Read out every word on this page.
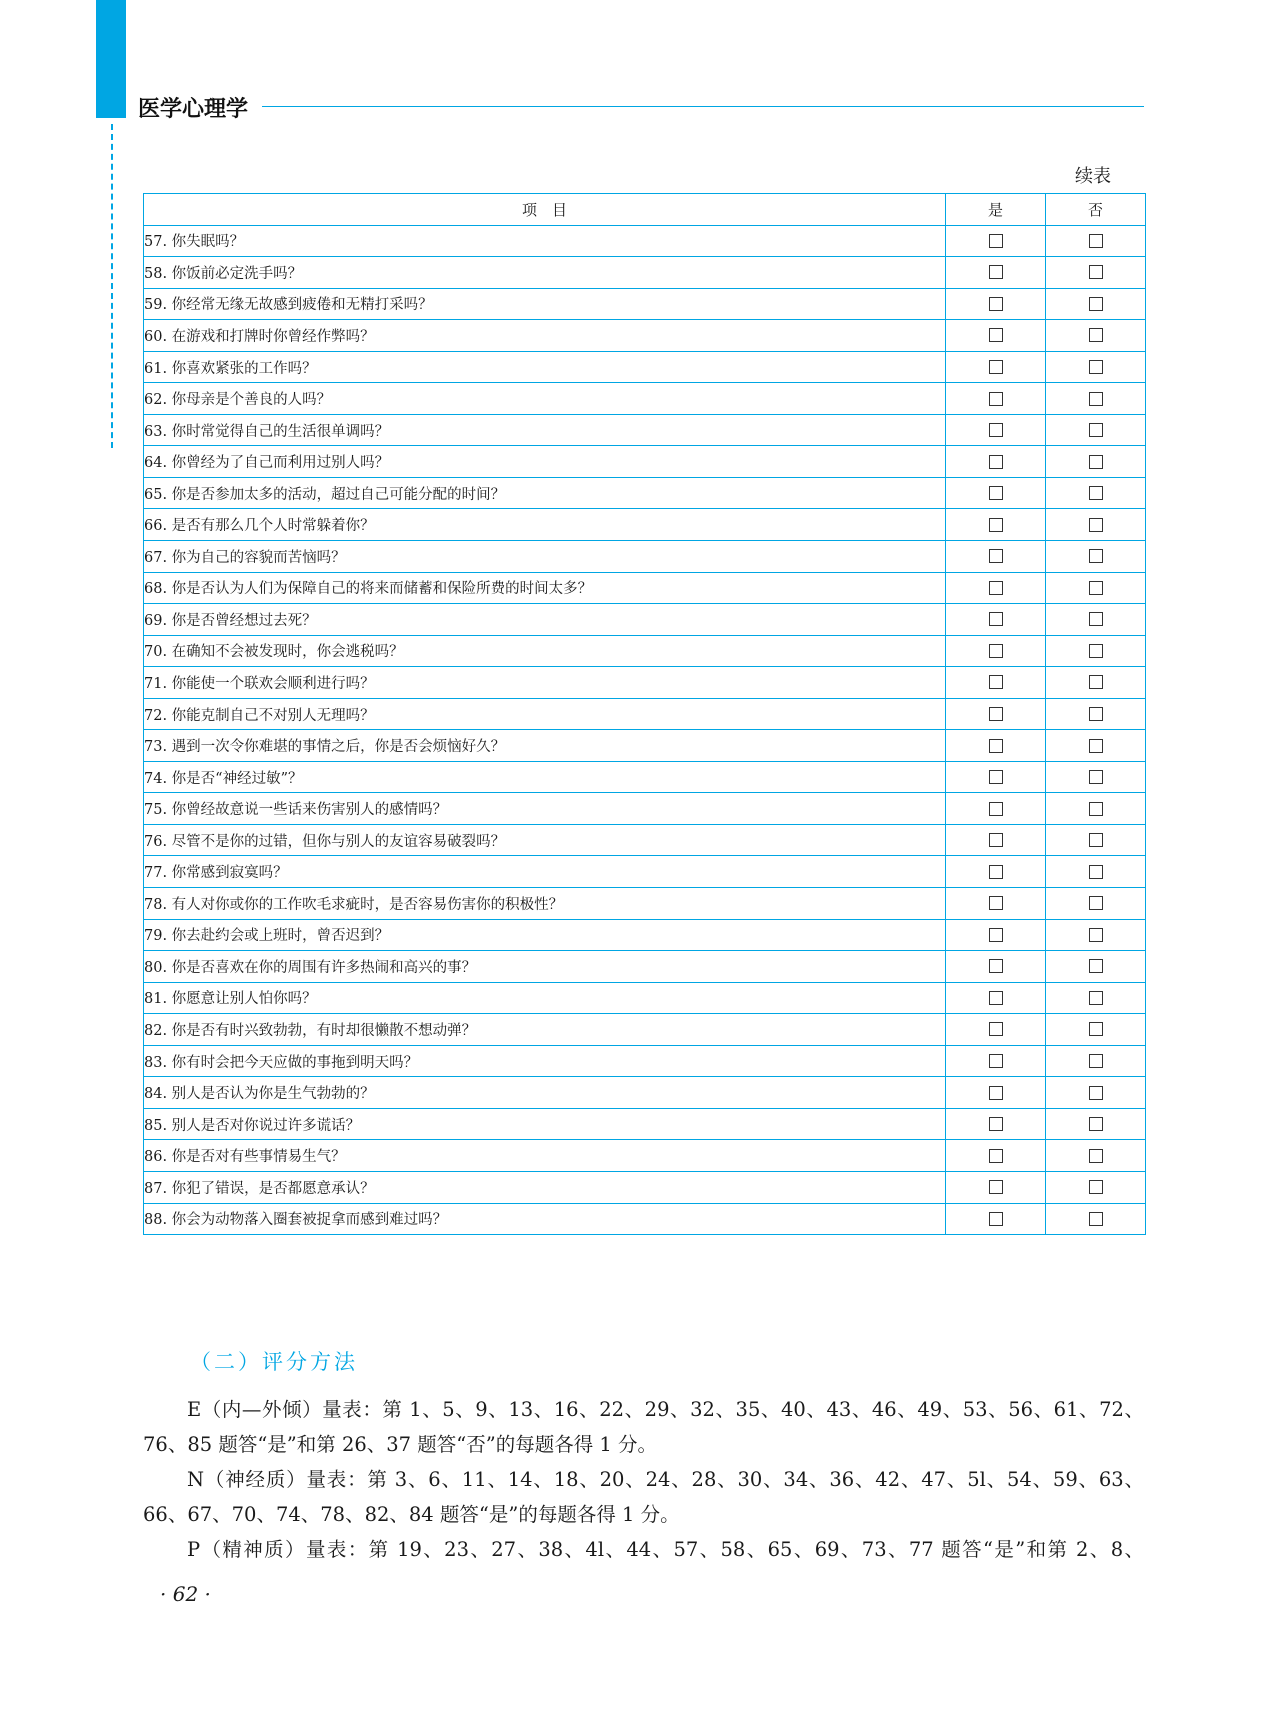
医学心理学
续表
项　目	是	否
57. 你失眠吗？		
58. 你饭前必定洗手吗？		
59. 你经常无缘无故感到疲倦和无精打采吗？		
60. 在游戏和打牌时你曾经作弊吗？		
61. 你喜欢紧张的工作吗？		
62. 你母亲是个善良的人吗？		
63. 你时常觉得自己的生活很单调吗？		
64. 你曾经为了自己而利用过别人吗？		
65. 你是否参加太多的活动，超过自己可能分配的时间？		
66. 是否有那么几个人时常躲着你？		
67. 你为自己的容貌而苦恼吗？		
68. 你是否认为人们为保障自己的将来而储蓄和保险所费的时间太多？		
69. 你是否曾经想过去死？		
70. 在确知不会被发现时，你会逃税吗？		
71. 你能使一个联欢会顺利进行吗？		
72. 你能克制自己不对别人无理吗？		
73. 遇到一次令你难堪的事情之后，你是否会烦恼好久？		
74. 你是否“神经过敏”？		
75. 你曾经故意说一些话来伤害别人的感情吗？		
76. 尽管不是你的过错，但你与别人的友谊容易破裂吗？		
77. 你常感到寂寞吗？		
78. 有人对你或你的工作吹毛求疵时，是否容易伤害你的积极性？		
79. 你去赴约会或上班时，曾否迟到？		
80. 你是否喜欢在你的周围有许多热闹和高兴的事？		
81. 你愿意让别人怕你吗？		
82. 你是否有时兴致勃勃，有时却很懒散不想动弹？		
83. 你有时会把今天应做的事拖到明天吗？		
84. 别人是否认为你是生气勃勃的？		
85. 别人是否对你说过许多谎话？		
86. 你是否对有些事情易生气？		
87. 你犯了错误，是否都愿意承认？		
88. 你会为动物落入圈套被捉拿而感到难过吗？		
（二）评分方法

E（内—外倾）量表：第 1、5、9、13、16、22、29、32、35、40、43、46、49、53、56、61、72、
76、85 题答“是”和第 26、37 题答“否”的每题各得 1 分。

N（神经质）量表：第 3、6、11、14、18、20、24、28、30、34、36、42、47、5l、54、59、63、
66、67、70、74、78、82、84 题答“是”的每题各得 1 分。

P（精神质）量表：第 19、23、27、38、4l、44、57、58、65、69、73、77 题答“是”和第 2、8、

· 62 ·
